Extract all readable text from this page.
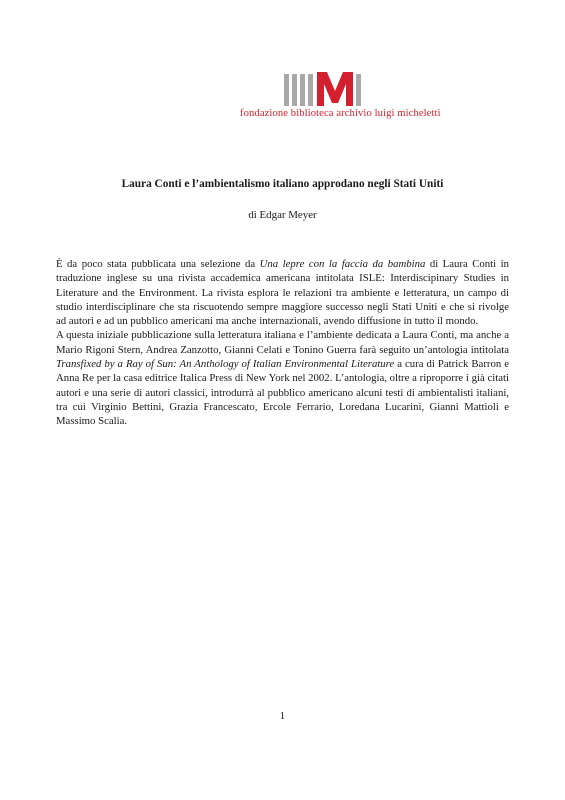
fondazione biblioteca archivio luigi micheletti
Laura Conti e l’ambientalismo italiano approdano negli Stati Uniti
di Edgar Meyer

È da poco stata pubblicata una selezione da Una lepre con la faccia da bambina di Laura Conti in traduzione inglese su una rivista accademica americana intitolata ISLE: Interdiscipinary Studies in Literature and the Environment. La rivista esplora le relazioni tra ambiente e letteratura, un campo di studio interdisciplinare che sta riscuotendo sempre maggiore successo negli Stati Uniti e che si rivolge ad autori e ad un pubblico americani ma anche internazionali, avendo diffusione in tutto il mondo.

A questa iniziale pubblicazione sulla letteratura italiana e l’ambiente dedicata a Laura Conti, ma anche a Mario Rigoni Stern, Andrea Zanzotto, Gianni Celati e Tonino Guerra farà seguito un’antologia intitolata Transfixed by a Ray of Sun: An Anthology of Italian Environmental Literature a cura di Patrick Barron e Anna Re per la casa editrice Italica Press di New York nel 2002. L’antologia, oltre a riproporre i già citati autori e una serie di autori classici, introdurrà al pubblico americano alcuni testi di ambientalisti italiani, tra cui Virginio Bettini, Grazia Francescato, Ercole Ferrario, Loredana Lucarini, Gianni Mattioli e Massimo Scalia.

1
